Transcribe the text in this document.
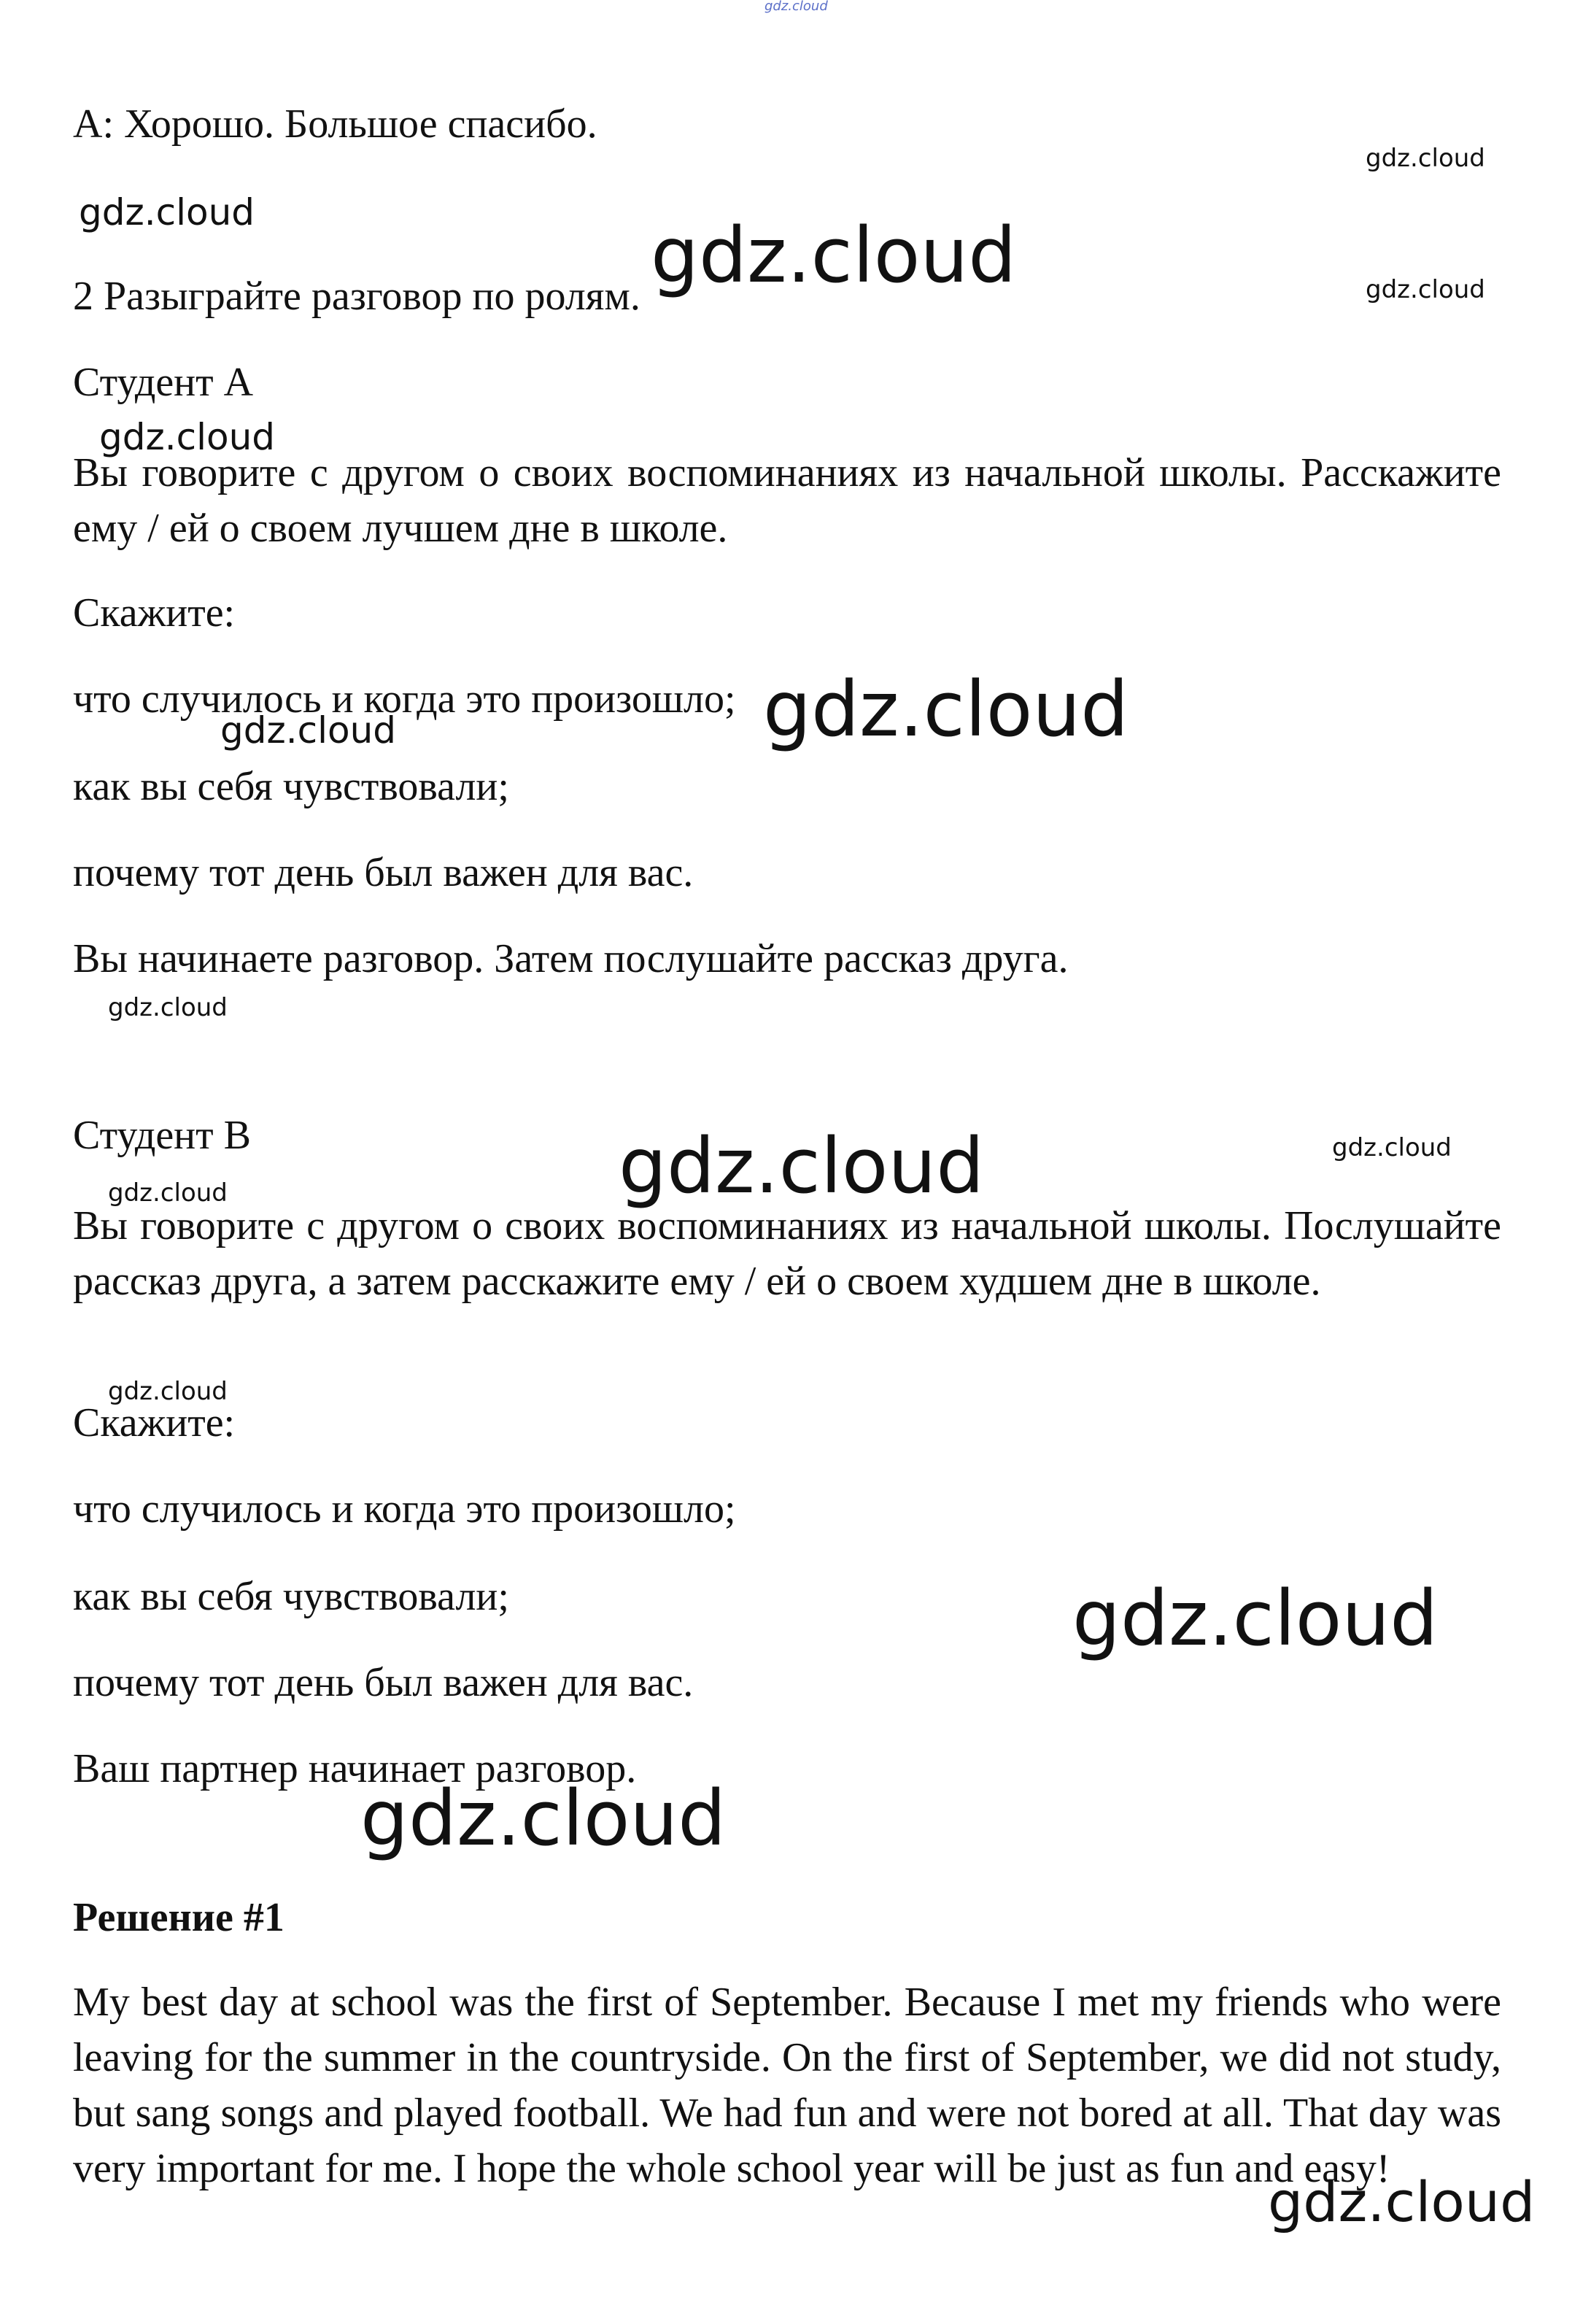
gdz.cloud

А: Хорошо. Большое спасибо.

2 Разыграйте разговор по ролям.

Студент А

Вы говорите с другом о своих воспоминаниях из начальной школы. Расскажите ему / ей о своем лучшем дне в школе.

Скажите:

что случилось и когда это произошло;

как вы себя чувствовали;

почему тот день был важен для вас.

Вы начинаете разговор. Затем послушайте рассказ друга.

Студент В

Вы говорите с другом о своих воспоминаниях из начальной школы. Послушайте рассказ друга, а затем расскажите ему / ей о своем худшем дне в школе.

Скажите:

что случилось и когда это произошло;

как вы себя чувствовали;

почему тот день был важен для вас.

Ваш партнер начинает разговор.

Решение #1

My best day at school was the first of September. Because I met my friends who were leaving for the summer in the countryside. On the first of September, we did not study, but sang songs and played football. We had fun and were not bored at all. That day was very important for me. I hope the whole school year will be just as fun and easy!

gdz.cloud
gdz.cloud	gdz.cloud	gdz.cloud
gdz.cloud
gdz.cloud	gdz.cloud
gdz.cloud
gdz.cloud	gdz.cloud
gdz.cloud
gdz.cloud
gdz.cloud
gdz.cloud
gdz.cloud
